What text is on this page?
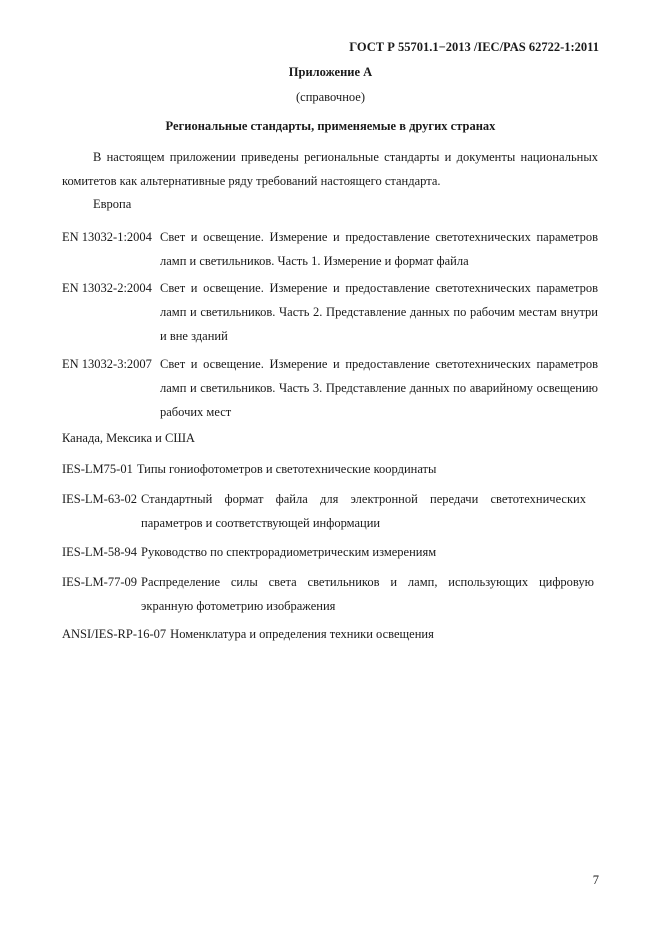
ГОСТ Р 55701.1−2013 /IEC/PAS 62722-1:2011
Приложение А
(справочное)
Региональные стандарты, применяемые в других странах
В настоящем приложении приведены региональные стандарты и документы национальных комитетов как альтернативные ряду требований настоящего стандарта.
Европа
EN 13032-1:2004 Свет и освещение. Измерение и предоставление светотехнических параметров ламп и светильников. Часть 1. Измерение и формат файла
EN 13032-2:2004 Свет и освещение. Измерение и предоставление светотехнических параметров ламп и светильников. Часть 2. Представление данных по рабочим местам внутри и вне зданий
EN 13032-3:2007 Свет и освещение. Измерение и предоставление светотехнических параметров ламп и светильников. Часть 3. Представление данных по аварийному освещению рабочих мест
Канада, Мексика и США
IES-LM75-01 Типы гониофотометров и светотехнические координаты
IES-LM-63-02 Стандартный формат файла для электронной передачи светотехнических параметров и соответствующей информации
IES-LM-58-94 Руководство по спектрорадиометрическим измерениям
IES-LM-77-09 Распределение силы света светильников и ламп, использующих цифровую экранную фотометрию изображения
ANSI/IES-RP-16-07 Номенклатура и определения техники освещения
7
